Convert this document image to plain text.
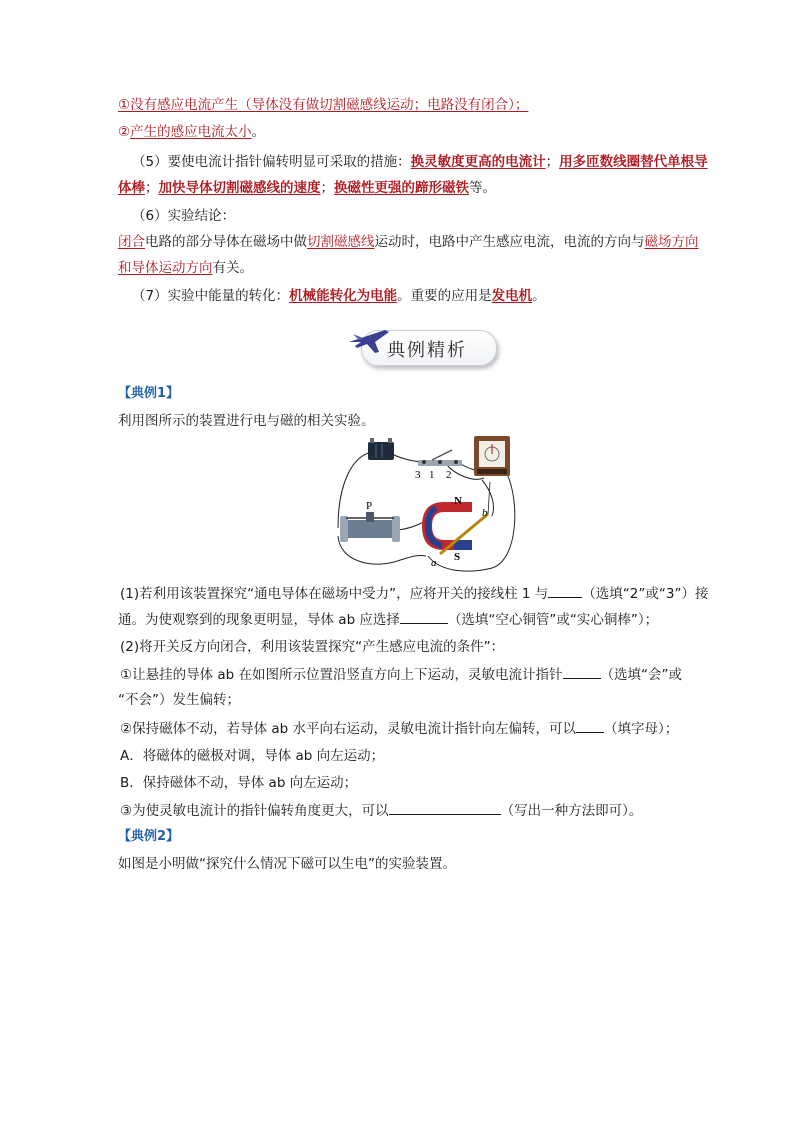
①没有感应电流产生（导体没有做切割磁感线运动；电路没有闭合）；
②产生的感应电流太小。
（5）要使电流计指针偏转明显可采取的措施：换灵敏度更高的电流计；用多匝数线圈替代单根导
体棒；加快导体切割磁感线的速度；换磁性更强的蹄形磁铁等。
（6）实验结论：
闭合电路的部分导体在磁场中做切割磁感线运动时，电路中产生感应电流，电流的方向与磁场方向
和导体运动方向有关。
（7）实验中能量的转化：机械能转化为电能。重要的应用是发电机。
典例精析
【典例1】
利用图所示的装置进行电与磁的相关实验。
3 1 2
P	N
S
a
b
(1)若利用该装置探究“通电导体在磁场中受力”，应将开关的接线柱 1 与	（选填“2”或“3”）接
通。为使观察到的现象更明显，导体 ab 应选择	（选填“空心铜管”或“实心铜棒”）；
(2)将开关反方向闭合，利用该装置探究“产生感应电流的条件”：
①让悬挂的导体 ab 在如图所示位置沿竖直方向上下运动，灵敏电流计指针	（选填“会”或
“不会”）发生偏转；
②保持磁体不动，若导体 ab 水平向右运动，灵敏电流计指针向左偏转，可以 （填字母）；
A．将磁体的磁极对调，导体 ab 向左运动；
B．保持磁体不动，导体 ab 向左运动；
③为使灵敏电流计的指针偏转角度更大，可以	（写出一种方法即可）。
【典例2】
如图是小明做“探究什么情况下磁可以生电”的实验装置。
